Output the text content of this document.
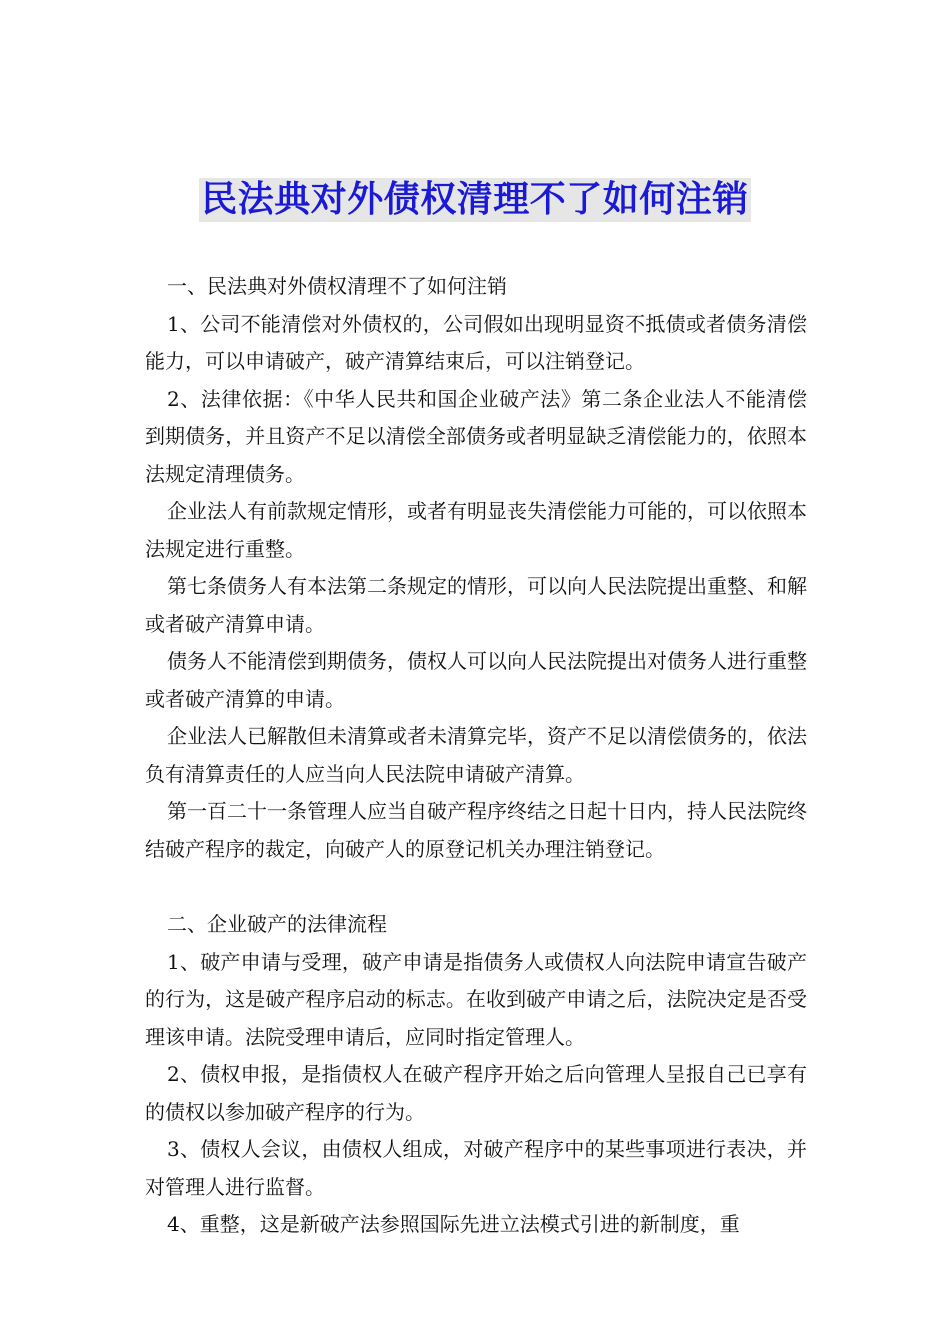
民法典对外债权清理不了如何注销

一、民法典对外债权清理不了如何注销

1、公司不能清偿对外债权的，公司假如出现明显资不抵债或者债务清偿能力，可以申请破产，破产清算结束后，可以注销登记。

2、法律依据：《中华人民共和国企业破产法》第二条企业法人不能清偿到期债务，并且资产不足以清偿全部债务或者明显缺乏清偿能力的，依照本法规定清理债务。

企业法人有前款规定情形，或者有明显丧失清偿能力可能的，可以依照本法规定进行重整。

第七条债务人有本法第二条规定的情形，可以向人民法院提出重整、和解或者破产清算申请。

债务人不能清偿到期债务，债权人可以向人民法院提出对债务人进行重整或者破产清算的申请。

企业法人已解散但未清算或者未清算完毕，资产不足以清偿债务的，依法负有清算责任的人应当向人民法院申请破产清算。

第一百二十一条管理人应当自破产程序终结之日起十日内，持人民法院终结破产程序的裁定，向破产人的原登记机关办理注销登记。

二、企业破产的法律流程

1、破产申请与受理，破产申请是指债务人或债权人向法院申请宣告破产的行为，这是破产程序启动的标志。在收到破产申请之后，法院决定是否受理该申请。法院受理申请后，应同时指定管理人。

2、债权申报，是指债权人在破产程序开始之后向管理人呈报自己已享有的债权以参加破产程序的行为。

3、债权人会议，由债权人组成，对破产程序中的某些事项进行表决，并对管理人进行监督。

4、重整，这是新破产法参照国际先进立法模式引进的新制度，重
